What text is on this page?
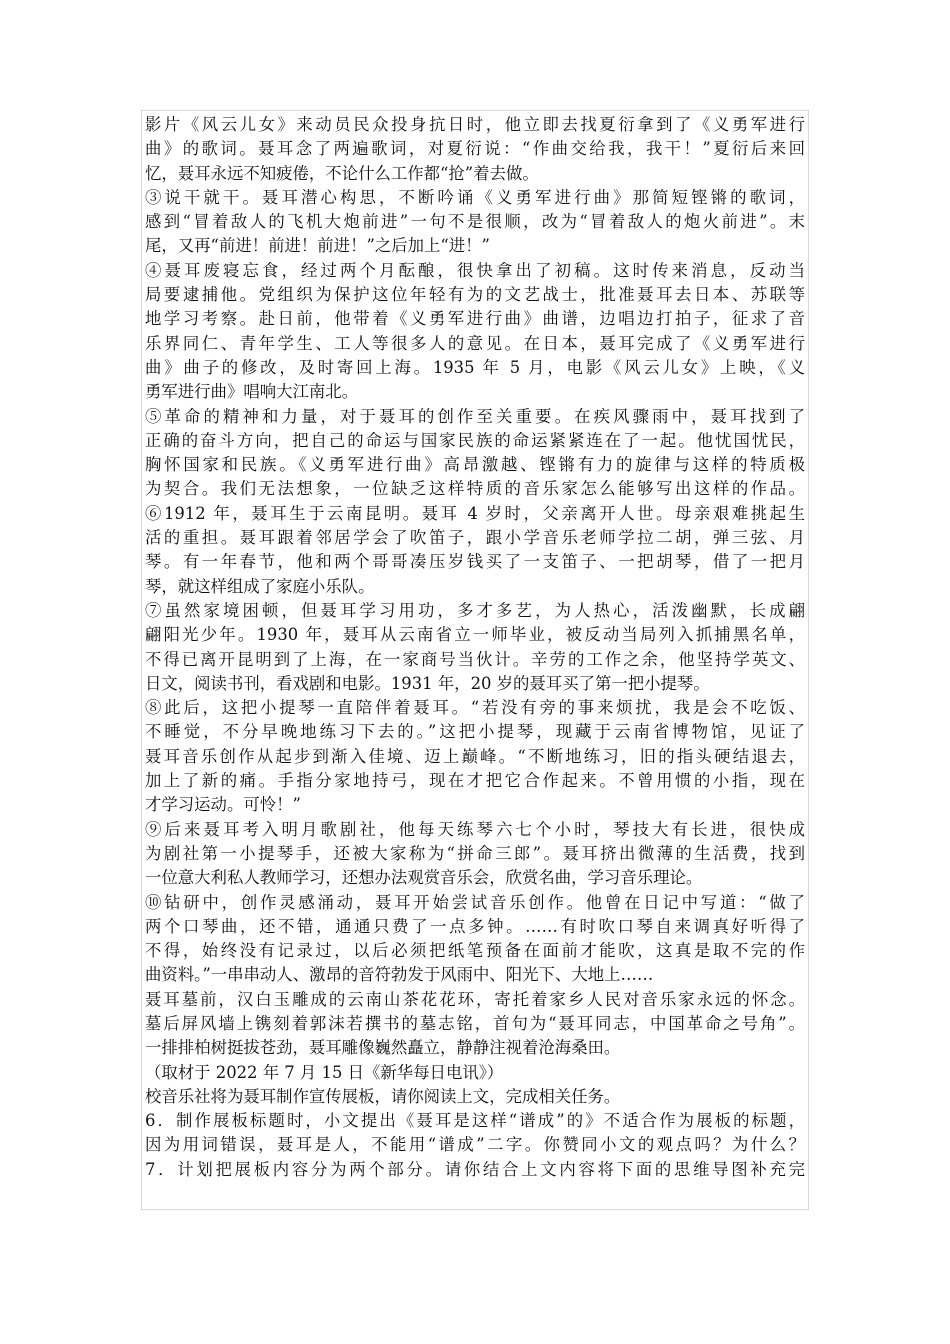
影片《风云儿女》来动员民众投身抗日时，他立即去找夏衍拿到了《义勇军进行
曲》的歌词。聂耳念了两遍歌词，对夏衍说：“作曲交给我，我干！”夏衍后来回
忆，聂耳永远不知疲倦，不论什么工作都“抢”着去做。
③说干就干。聂耳潜心构思，不断吟诵《义勇军进行曲》那简短铿锵的歌词，
感到“冒着敌人的飞机大炮前进”一句不是很顺，改为“冒着敌人的炮火前进”。末
尾，又再“前进！前进！前进！”之后加上“进！”
④聂耳废寝忘食，经过两个月酝酿，很快拿出了初稿。这时传来消息，反动当
局要逮捕他。党组织为保护这位年轻有为的文艺战士，批准聂耳去日本、苏联等
地学习考察。赴日前，他带着《义勇军进行曲》曲谱，边唱边打拍子，征求了音
乐界同仁、青年学生、工人等很多人的意见。在日本，聂耳完成了《义勇军进行
曲》曲子的修改，及时寄回上海。1935 年 5 月，电影《风云儿女》上映，《义
勇军进行曲》唱响大江南北。
⑤革命的精神和力量，对于聂耳的创作至关重要。在疾风骤雨中，聂耳找到了
正确的奋斗方向，把自己的命运与国家民族的命运紧紧连在了一起。他忧国忧民，
胸怀国家和民族。《义勇军进行曲》高昂激越、铿锵有力的旋律与这样的特质极
为契合。我们无法想象，一位缺乏这样特质的音乐家怎么能够写出这样的作品。
⑥1912 年，聂耳生于云南昆明。聂耳 4 岁时，父亲离开人世。母亲艰难挑起生
活的重担。聂耳跟着邻居学会了吹笛子，跟小学音乐老师学拉二胡，弹三弦、月
琴。有一年春节，他和两个哥哥凑压岁钱买了一支笛子、一把胡琴，借了一把月
琴，就这样组成了家庭小乐队。
⑦虽然家境困顿，但聂耳学习用功，多才多艺，为人热心，活泼幽默，长成翩
翩阳光少年。1930 年，聂耳从云南省立一师毕业，被反动当局列入抓捕黑名单，
不得已离开昆明到了上海，在一家商号当伙计。辛劳的工作之余，他坚持学英文、
日文，阅读书刊，看戏剧和电影。1931 年，20 岁的聂耳买了第一把小提琴。
⑧此后，这把小提琴一直陪伴着聂耳。“若没有旁的事来烦扰，我是会不吃饭、
不睡觉，不分早晚地练习下去的。”这把小提琴，现藏于云南省博物馆，见证了
聂耳音乐创作从起步到渐入佳境、迈上巅峰。“不断地练习，旧的指头硬结退去，
加上了新的痛。手指分家地持弓，现在才把它合作起来。不曾用惯的小指，现在
才学习运动。可怜！”
⑨后来聂耳考入明月歌剧社，他每天练琴六七个小时，琴技大有长进，很快成
为剧社第一小提琴手，还被大家称为“拼命三郎”。聂耳挤出微薄的生活费，找到
一位意大利私人教师学习，还想办法观赏音乐会，欣赏名曲，学习音乐理论。
⑩钻研中，创作灵感涌动，聂耳开始尝试音乐创作。他曾在日记中写道：“做了
两个口琴曲，还不错，通通只费了一点多钟。……有时吹口琴自来调真好听得了
不得，始终没有记录过，以后必须把纸笔预备在面前才能吹，这真是取不完的作
曲资料。”一串串动人、激昂的音符勃发于风雨中、阳光下、大地上……
聂耳墓前，汉白玉雕成的云南山茶花花环，寄托着家乡人民对音乐家永远的怀念。
墓后屏风墙上镌刻着郭沫若撰书的墓志铭，首句为“聂耳同志，中国革命之号角”。
一排排柏树挺拔苍劲，聂耳雕像巍然矗立，静静注视着沧海桑田。
（取材于 2022 年 7 月 15 日《新华每日电讯》）
校音乐社将为聂耳制作宣传展板，请你阅读上文，完成相关任务。
6．制作展板标题时，小文提出《聂耳是这样“谱成”的》不适合作为展板的标题，
因为用词错误，聂耳是人，不能用“谱成”二字。你赞同小文的观点吗？为什么？
7．计划把展板内容分为两个部分。请你结合上文内容将下面的思维导图补充完
